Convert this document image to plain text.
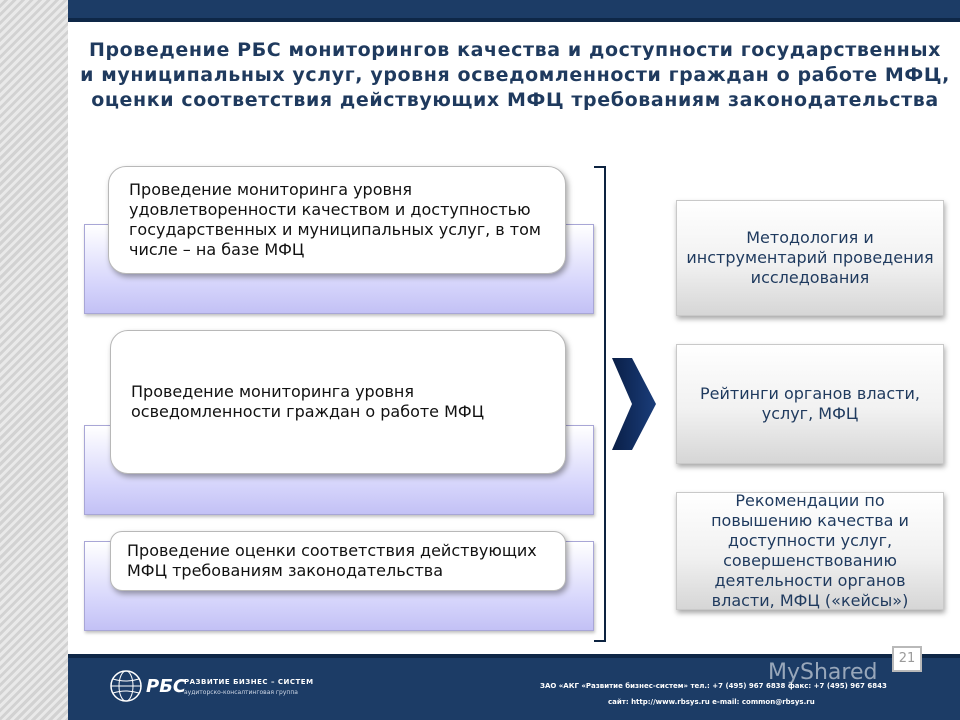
Проведение РБС мониторингов качества и доступности государственных и муниципальных услуг, уровня осведомленности граждан о работе МФЦ, оценки соответствия действующих МФЦ требованиям законодательства
Проведение мониторинга уровня удовлетворенности качеством и доступностью государственных и муниципальных услуг, в том числе – на базе МФЦ
Проведение мониторинга уровня осведомленности граждан о работе МФЦ
Проведение оценки соответствия действующих МФЦ требованиям законодательства
Методология и инструментарий проведения исследования
Рейтинги органов власти, услуг, МФЦ
Рекомендации по повышению качества и доступности услуг, совершенствованию деятельности органов власти, МФЦ («кейсы»)
РБС
РАЗВИТИЕ БИЗНЕС – СИСТЕМ
аудиторско-консалтинговая группа
ЗАО «АКГ «Развитие бизнес-систем» тел.: +7 (495) 967 6838 факс: +7 (495) 967 6843
сайт: http://www.rbsys.ru e-mail: common@rbsys.ru
MyShared
21
